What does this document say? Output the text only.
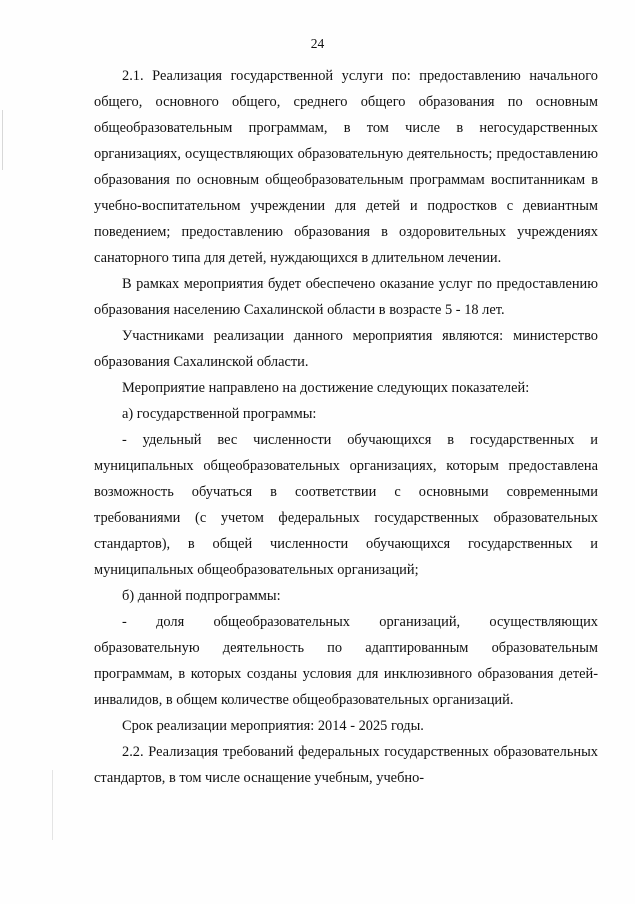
24

2.1. Реализация государственной услуги по: предоставлению начального общего, основного общего, среднего общего образования по основным общеобразовательным программам, в том числе в негосударственных организациях, осуществляющих образовательную деятельность; предоставлению образования по основным общеобразовательным программам воспитанникам в учебно-воспитательном учреждении для детей и подростков с девиантным поведением; предоставлению образования в оздоровительных учреждениях санаторного типа для детей, нуждающихся в длительном лечении.

В рамках мероприятия будет обеспечено оказание услуг по предоставлению образования населению Сахалинской области в возрасте 5 - 18 лет.

Участниками реализации данного мероприятия являются: министерство образования Сахалинской области.

Мероприятие направлено на достижение следующих показателей:

а) государственной программы:

- удельный вес численности обучающихся в государственных и муниципальных общеобразовательных организациях, которым предоставлена возможность обучаться в соответствии с основными современными требованиями (с учетом федеральных государственных образовательных стандартов), в общей численности обучающихся государственных и муниципальных общеобразовательных организаций;

б) данной подпрограммы:

- доля общеобразовательных организаций, осуществляющих образовательную деятельность по адаптированным образовательным программам, в которых созданы условия для инклюзивного образования детей-инвалидов, в общем количестве общеобразовательных организаций.

Срок реализации мероприятия: 2014 - 2025 годы.

2.2. Реализация требований федеральных государственных образовательных стандартов, в том числе оснащение учебным, учебно-
